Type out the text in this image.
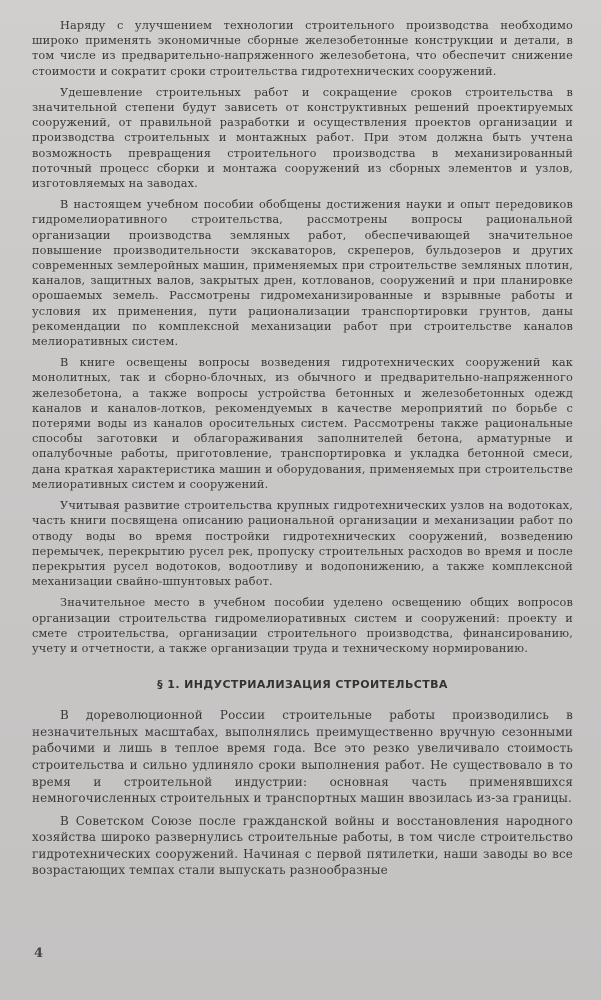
Наряду с улучшением технологии строительного производства необходимо широко применять экономичные сборные железобетонные конструкции и детали, в том числе из предварительно-напряженного железобетона, что обеспечит снижение стоимости и сократит сроки строительства гидротехнических сооружений.

Удешевление строительных работ и сокращение сроков строительства в значительной степени будут зависеть от конструктивных решений проектируемых сооружений, от правильной разработки и осуществления проектов организации и производства строительных и монтажных работ. При этом должна быть учтена возможность превращения строительного производства в механизированный поточный процесс сборки и монтажа сооружений из сборных элементов и узлов, изготовляемых на заводах.

В настоящем учебном пособии обобщены достижения науки и опыт передовиков гидромелиоративного строительства, рассмотрены вопросы рациональной организации производства земляных работ, обеспечивающей значительное повышение производительности экскаваторов, скреперов, бульдозеров и других современных землеройных машин, применяемых при строительстве земляных плотин, каналов, защитных валов, закрытых дрен, котлованов, сооружений и при планировке орошаемых земель. Рассмотрены гидромеханизированные и взрывные работы и условия их применения, пути рационализации транспортировки грунтов, даны рекомендации по комплексной механизации работ при строительстве каналов мелиоративных систем.

В книге освещены вопросы возведения гидротехнических сооружений как монолитных, так и сборно-блочных, из обычного и предварительно-напряженного железобетона, а также вопросы устройства бетонных и железобетонных одежд каналов и каналов-лотков, рекомендуемых в качестве мероприятий по борьбе с потерями воды из каналов оросительных систем. Рассмотрены также рациональные способы заготовки и облагораживания заполнителей бетона, арматурные и опалубочные работы, приготовление, транспортировка и укладка бетонной смеси, дана краткая характеристика машин и оборудования, применяемых при строительстве мелиоративных систем и сооружений.

Учитывая развитие строительства крупных гидротехнических узлов на водотоках, часть книги посвящена описанию рациональной организации и механизации работ по отводу воды во время постройки гидротехнических сооружений, возведению перемычек, перекрытию русел рек, пропуску строительных расходов во время и после перекрытия русел водотоков, водоотливу и водопонижению, а также комплексной механизации свайно-шпунтовых работ.

Значительное место в учебном пособии уделено освещению общих вопросов организации строительства гидромелиоративных систем и сооружений: проекту и смете строительства, организации строительного производства, финансированию, учету и отчетности, а также организации труда и техническому нормированию.

§ 1. ИНДУСТРИАЛИЗАЦИЯ СТРОИТЕЛЬСТВА

В дореволюционной России строительные работы производились в незначительных масштабах, выполнялись преимущественно вручную сезонными рабочими и лишь в теплое время года. Все это резко увеличивало стоимость строительства и сильно удлиняло сроки выполнения работ. Не существовало в то время и строительной индустрии: основная часть применявшихся немногочисленных строительных и транспортных машин ввозилась из-за границы.

В Советском Союзе после гражданской войны и восстановления народного хозяйства широко развернулись строительные работы, в том числе строительство гидротехнических сооружений. Начиная с первой пятилетки, наши заводы во все возрастающих темпах стали выпускать разнообразные

4
